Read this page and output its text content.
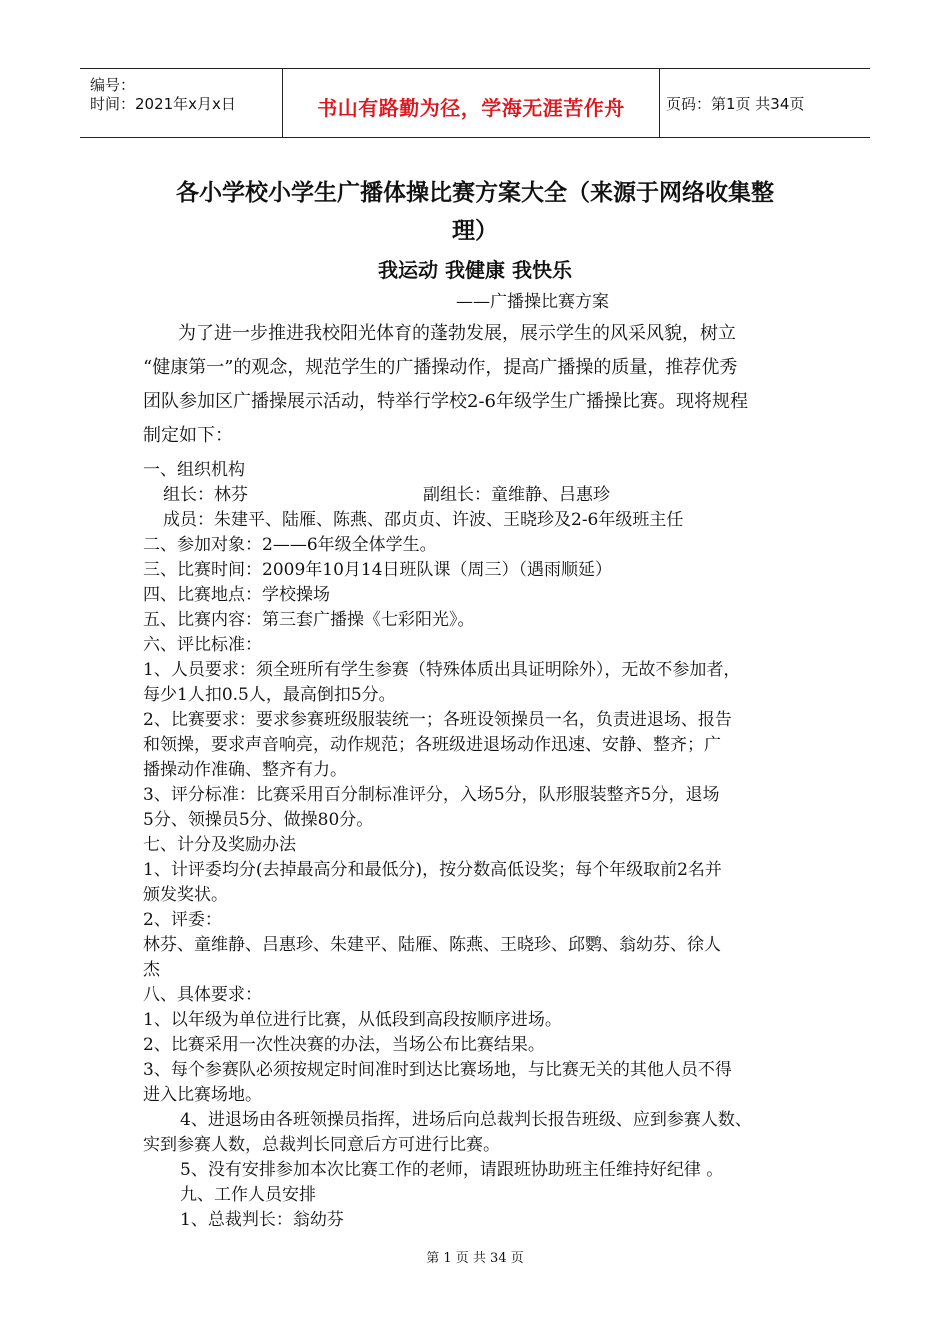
编号：
时间：2021年x月x日	书山有路勤为径，学海无涯苦作舟	页码：第1页 共34页
各小学校小学生广播体操比赛方案大全（来源于网络收集整
理）
我运动 我健康 我快乐
——广播操比赛方案
为了进一步推进我校阳光体育的蓬勃发展，展示学生的风采风貌，树立
“健康第一”的观念，规范学生的广播操动作，提高广播操的质量，推荐优秀
团队参加区广播操展示活动，特举行学校2-6年级学生广播操比赛。现将规程
制定如下：
一、组织机构
组长：林芬	副组长：童维静、吕惠珍
成员：朱建平、陆雁、陈燕、邵贞贞、许波、王晓珍及2-6年级班主任
二、参加对象：2——6年级全体学生。
三、比赛时间：2009年10月14日班队课（周三）（遇雨顺延）
四、比赛地点：学校操场
五、比赛内容：第三套广播操《七彩阳光》。
六、评比标准：
1、人员要求：须全班所有学生参赛（特殊体质出具证明除外），无故不参加者，
每少1人扣0.5人，最高倒扣5分。
2、比赛要求：要求参赛班级服装统一；各班设领操员一名，负责进退场、报告
和领操，要求声音响亮，动作规范；各班级进退场动作迅速、安静、整齐；广
播操动作准确、整齐有力。
3、评分标准：比赛采用百分制标准评分，入场5分，队形服装整齐5分，退场
5分、领操员5分、做操80分。
七、计分及奖励办法
1、计评委均分(去掉最高分和最低分)，按分数高低设奖；每个年级取前2名并
颁发奖状。
2、评委：
林芬、童维静、吕惠珍、朱建平、陆雁、陈燕、王晓珍、邱鹦、翁幼芬、徐人
杰
八、具体要求：
1、以年级为单位进行比赛，从低段到高段按顺序进场。
2、比赛采用一次性决赛的办法，当场公布比赛结果。
3、每个参赛队必须按规定时间准时到达比赛场地，与比赛无关的其他人员不得
进入比赛场地。
4、进退场由各班领操员指挥，进场后向总裁判长报告班级、应到参赛人数、
实到参赛人数，总裁判长同意后方可进行比赛。
5、没有安排参加本次比赛工作的老师，请跟班协助班主任维持好纪律 。
九、工作人员安排
1、总裁判长：翁幼芬
第 1 页 共 34 页
